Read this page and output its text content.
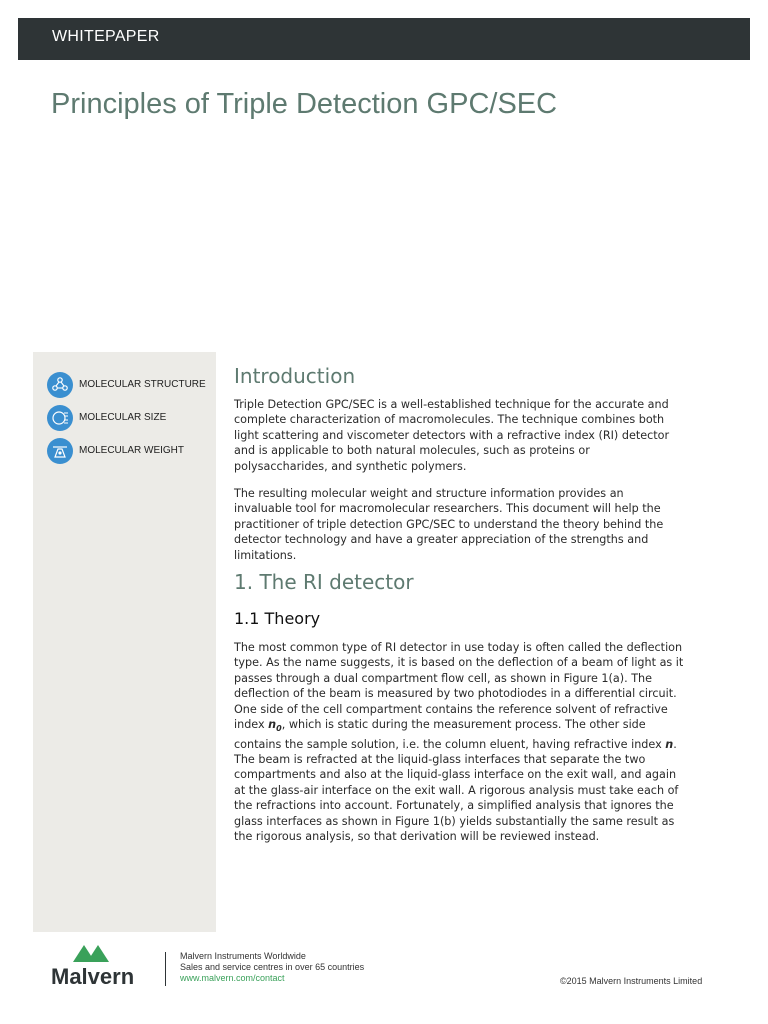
WHITEPAPER
Principles of Triple Detection GPC/SEC
MOLECULAR STRUCTURE
MOLECULAR SIZE
MOLECULAR WEIGHT
Introduction

Triple Detection GPC/SEC is a well-established technique for the accurate and complete characterization of macromolecules. The technique combines both light scattering and viscometer detectors with a refractive index (RI) detector and is applicable to both natural molecules, such as proteins or polysaccharides, and synthetic polymers.

The resulting molecular weight and structure information provides an invaluable tool for macromolecular researchers. This document will help the practitioner of triple detection GPC/SEC to understand the theory behind the detector technology and have a greater appreciation of the strengths and limitations.

1. The RI detector
1.1 Theory

The most common type of RI detector in use today is often called the deflection type. As the name suggests, it is based on the deflection of a beam of light as it passes through a dual compartment flow cell, as shown in Figure 1(a). The deflection of the beam is measured by two photodiodes in a differential circuit. One side of the cell compartment contains the reference solvent of refractive index $n_0$, which is static during the measurement process. The other side contains the sample solution, i.e. the column eluent, having refractive index n. The beam is refracted at the liquid-glass interfaces that separate the two compartments and also at the liquid-glass interface on the exit wall, and again at the glass-air interface on the exit wall. A rigorous analysis must take each of the refractions into account. Fortunately, a simplified analysis that ignores the glass interfaces as shown in Figure 1(b) yields substantially the same result as the rigorous analysis, so that derivation will be reviewed instead.

Malvern
Malvern Instruments Worldwide
Sales and service centres in over 65 countries
www.malvern.com/contact	©2015 Malvern Instruments Limited
